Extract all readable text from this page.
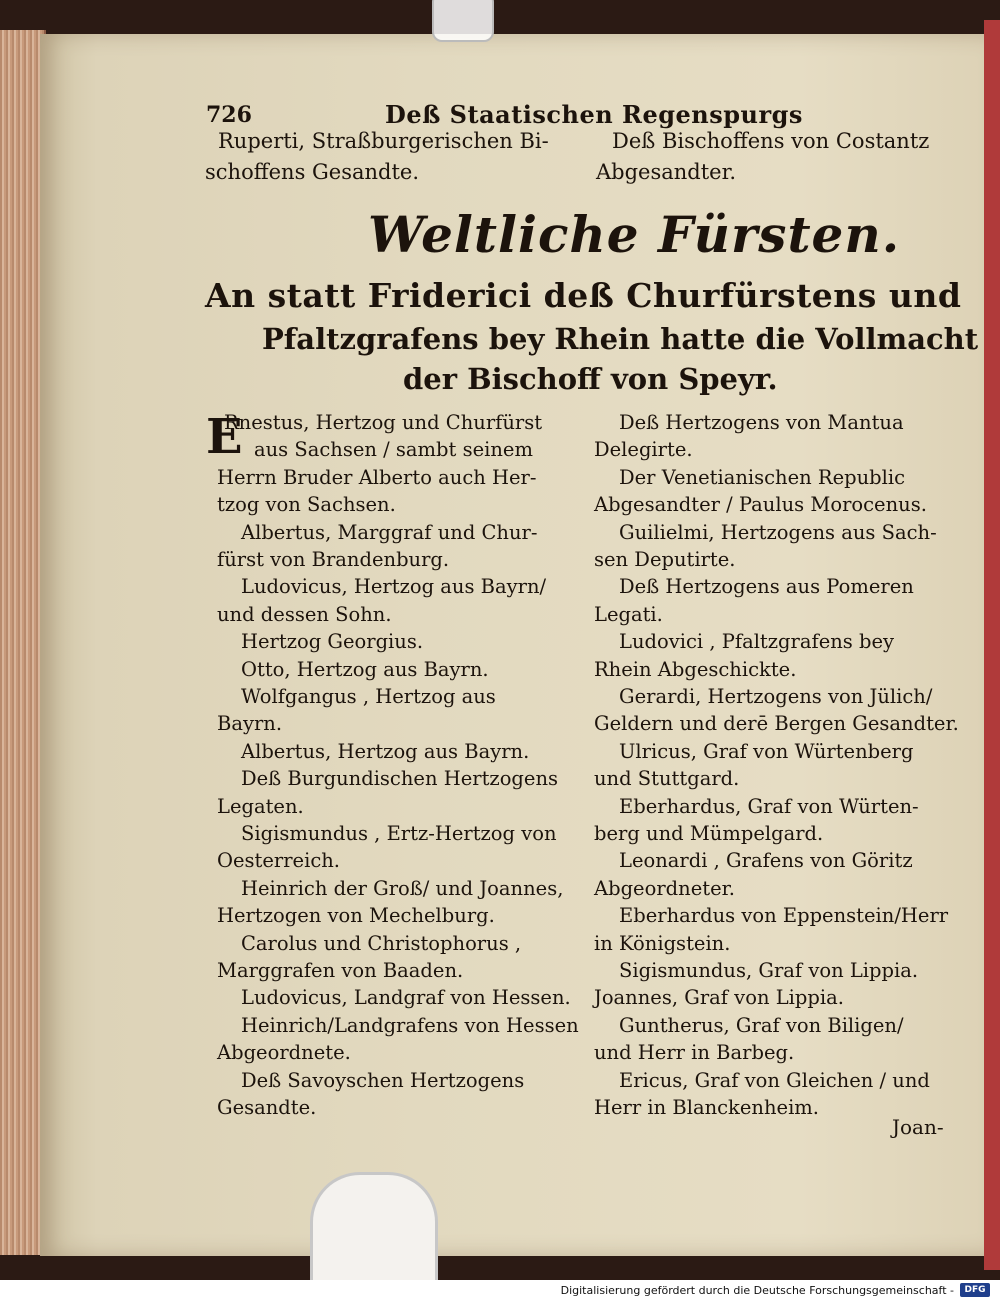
726	Deß Staatischen Regenspurgs
Ruperti, Straßburgerischen Bi-
schoffens Gesandte.
Deß Bischoffens von Costantz
Abgesandter.
Weltliche Fürsten.
An statt Friderici deß Churfürstens und
Pfaltzgrafens bey Rhein hatte die Vollmacht
der Bischoff von Speyr.
E
Rnestus, Hertzog und Churfürst
aus Sachsen / sambt seinem
Herrn Bruder Alberto auch Her-
tzog von Sachsen.
Albertus, Marggraf und Chur-
fürst von Brandenburg.
Ludovicus, Hertzog aus Bayrn/
und dessen Sohn.
Hertzog Georgius.
Otto, Hertzog aus Bayrn.
Wolfgangus , Hertzog aus
Bayrn.
Albertus, Hertzog aus Bayrn.
Deß Burgundischen Hertzogens
Legaten.
Sigismundus , Ertz-Hertzog von
Oesterreich.
Heinrich der Groß/ und Joannes,
Hertzogen von Mechelburg.
Carolus und Christophorus ,
Marggrafen von Baaden.
Ludovicus, Landgraf von Hessen.
Heinrich/Landgrafens von Hessen
Abgeordnete.
Deß Savoyschen Hertzogens
Gesandte.
Deß Hertzogens von Mantua
Delegirte.
Der Venetianischen Republic
Abgesandter / Paulus Morocenus.
Guilielmi, Hertzogens aus Sach-
sen Deputirte.
Deß Hertzogens aus Pomeren
Legati.
Ludovici , Pfaltzgrafens bey
Rhein Abgeschickte.
Gerardi, Hertzogens von Jülich/
Geldern und derē Bergen Gesandter.
Ulricus, Graf von Würtenberg
und Stuttgard.
Eberhardus, Graf von Würten-
berg und Mümpelgard.
Leonardi , Grafens von Göritz
Abgeordneter.
Eberhardus von Eppenstein/Herr
in Königstein.
Sigismundus, Graf von Lippia.
Joannes, Graf von Lippia.
Guntherus, Graf von Biligen/
und Herr in Barbeg.
Ericus, Graf von Gleichen / und
Herr in Blanckenheim.
Joan-
Digitalisierung gefördert durch die Deutsche Forschungsgemeinschaft -	DFG
